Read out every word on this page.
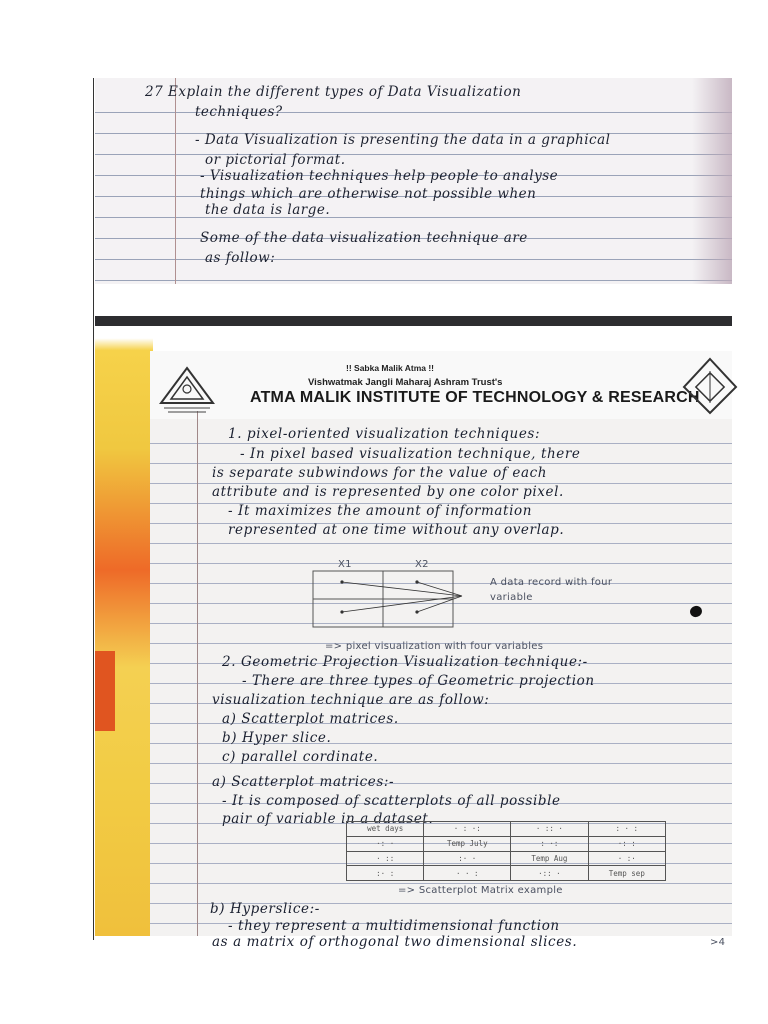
27 Explain the different types of Data Visualization
techniques?
- Data Visualization is presenting the data in a graphical
or pictorial format.
- Visualization techniques help people to analyse
things which are otherwise not possible when
the data is large.
Some of the data visualization technique are
as follow:
!! Sabka Malik Atma !!
Vishwatmak Jangli Maharaj Ashram Trust's
ATMA MALIK INSTITUTE OF TECHNOLOGY & RESEARCH
1. pixel-oriented visualization techniques:
- In pixel based visualization technique, there
is separate subwindows for the value of each
attribute and is represented by one color pixel.
- It maximizes the amount of information
represented at one time without any overlap.
X1	X2
A data record with four variable
=> pixel visualization with four variables
2. Geometric Projection Visualization technique:-
- There are three types of Geometric projection
visualization technique are as follow:
a) Scatterplot matrices.
b) Hyper slice.
c) parallel cordinate.
a) Scatterplot matrices:-
- It is composed of scatterplots of all possible
pair of variable in a dataset.
wet days	· : ·:	· :: ·	: · :
·: ·	Temp July	: ·:	·: :
· ::	:· ·	Temp Aug	· :·
:· :	· · :	·:: ·	Temp sep
=> Scatterplot Matrix example
b) Hyperslice:-
- they represent a multidimensional function
as a matrix of orthogonal two dimensional slices.	>4
